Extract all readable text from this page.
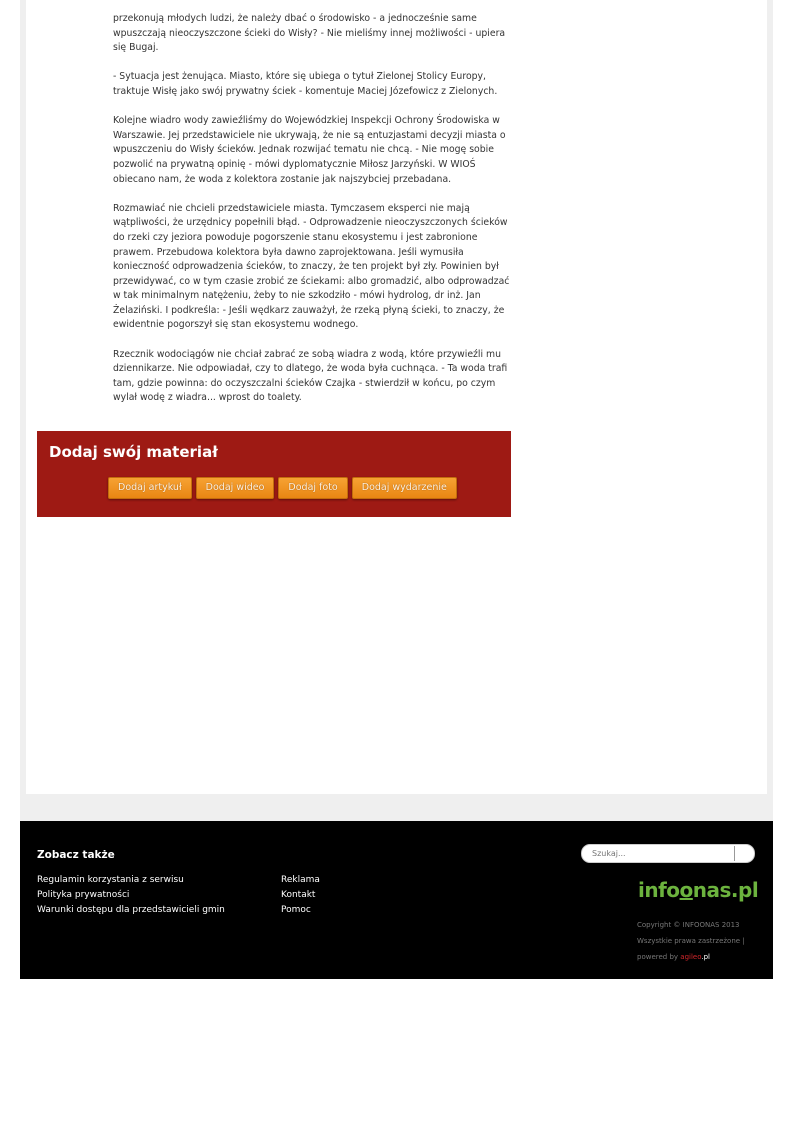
przekonują młodych ludzi, że należy dbać o środowisko - a jednocześnie same wpuszczają nieoczyszczone ścieki do Wisły? - Nie mieliśmy innej możliwości - upiera się Bugaj.

- Sytuacja jest żenująca. Miasto, które się ubiega o tytuł Zielonej Stolicy Europy, traktuje Wisłę jako swój prywatny ściek - komentuje Maciej Józefowicz z Zielonych.

Kolejne wiadro wody zawieźliśmy do Wojewódzkiej Inspekcji Ochrony Środowiska w Warszawie. Jej przedstawiciele nie ukrywają, że nie są entuzjastami decyzji miasta o wpuszczeniu do Wisły ścieków. Jednak rozwijać tematu nie chcą. - Nie mogę sobie pozwolić na prywatną opinię - mówi dyplomatycznie Miłosz Jarzyński. W WIOŚ obiecano nam, że woda z kolektora zostanie jak najszybciej przebadana.

Rozmawiać nie chcieli przedstawiciele miasta. Tymczasem eksperci nie mają wątpliwości, że urzędnicy popełnili błąd. - Odprowadzenie nieoczyszczonych ścieków do rzeki czy jeziora powoduje pogorszenie stanu ekosystemu i jest zabronione prawem. Przebudowa kolektora była dawno zaprojektowana. Jeśli wymusiła konieczność odprowadzenia ścieków, to znaczy, że ten projekt był zły. Powinien był przewidywać, co w tym czasie zrobić ze ściekami: albo gromadzić, albo odprowadzać w tak minimalnym natężeniu, żeby to nie szkodziło - mówi hydrolog, dr inż. Jan Żelaziński. I podkreśla: - Jeśli wędkarz zauważył, że rzeką płyną ścieki, to znaczy, że ewidentnie pogorszył się stan ekosystemu wodnego.

Rzecznik wodociągów nie chciał zabrać ze sobą wiadra z wodą, które przywieźli mu dziennikarze. Nie odpowiadał, czy to dlatego, że woda była cuchnąca. - Ta woda trafi tam, gdzie powinna: do oczyszczalni ścieków Czajka - stwierdził w końcu, po czym wylał wodę z wiadra... wprost do toalety.

Dodaj swój materiał
Dodaj artykuł	Dodaj wideo	Dodaj foto	Dodaj wydarzenie
Zobacz także
Regulamin korzystania z serwisu
Polityka prywatności
Warunki dostępu dla przedstawicieli gmin
Reklama
Kontakt
Pomoc
Szukaj...
infoonas.pl
Copyright © INFOONAS 2013
Wszystkie prawa zastrzeżone |
powered by agileo.pl
